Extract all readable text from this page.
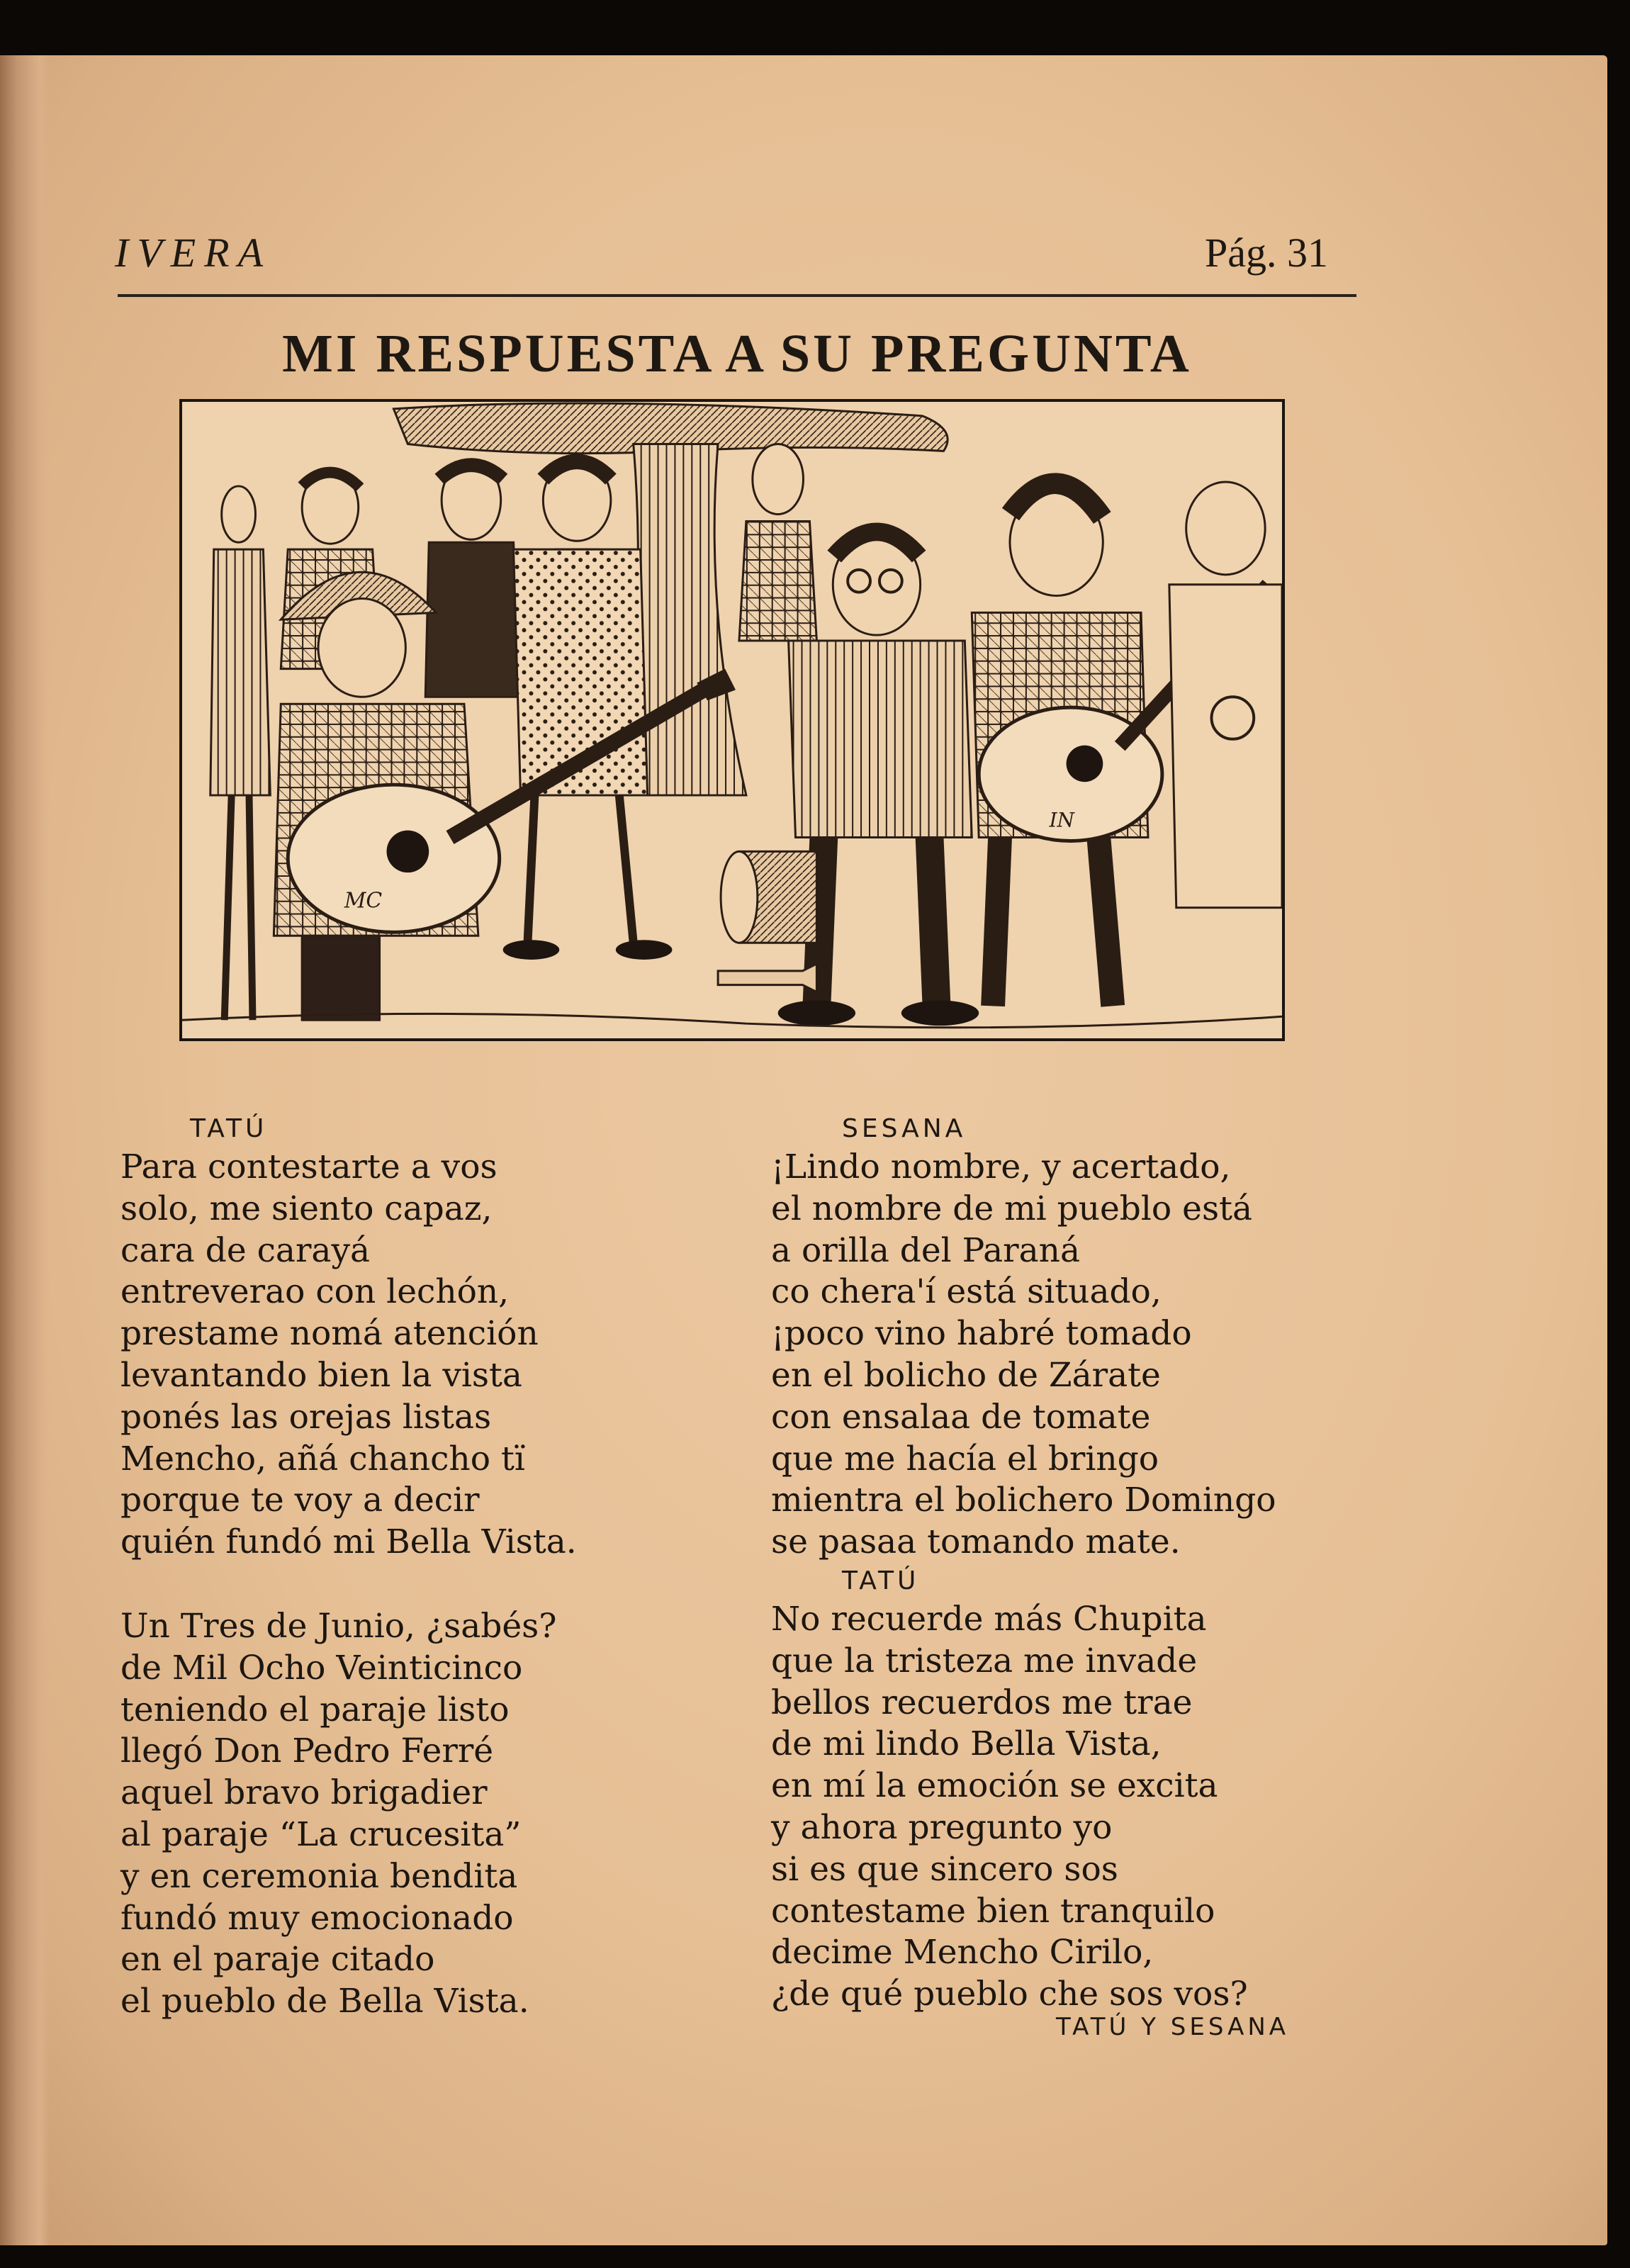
IVERA	Pág. 31
MI RESPUESTA A SU PREGUNTA
MC
IN
TATÚ
Para contestarte a vos
solo, me siento capaz,
cara de carayá
entreverao con lechón,
prestame nomá atención
levantando bien la vista
ponés las orejas listas
Mencho, añá chancho tï
porque te voy a decir
quién fundó mi Bella Vista.
Un Tres de Junio, ¿sabés?
de Mil Ocho Veinticinco
teniendo el paraje listo
llegó Don Pedro Ferré
aquel bravo brigadier
al paraje “La crucesita”
y en ceremonia bendita
fundó muy emocionado
en el paraje citado
el pueblo de Bella Vista.
SESANA
¡Lindo nombre, y acertado,
el nombre de mi pueblo está
a orilla del Paraná
co chera'í está situado,
¡poco vino habré tomado
en el bolicho de Zárate
con ensalaa de tomate
que me hacía el bringo
mientra el bolichero Domingo
se pasaa tomando mate.
TATÚ
No recuerde más Chupita
que la tristeza me invade
bellos recuerdos me trae
de mi lindo Bella Vista,
en mí la emoción se excita
y ahora pregunto yo
si es que sincero sos
contestame bien tranquilo
decime Mencho Cirilo,
¿de qué pueblo che sos vos?
TATÚ Y SESANA
